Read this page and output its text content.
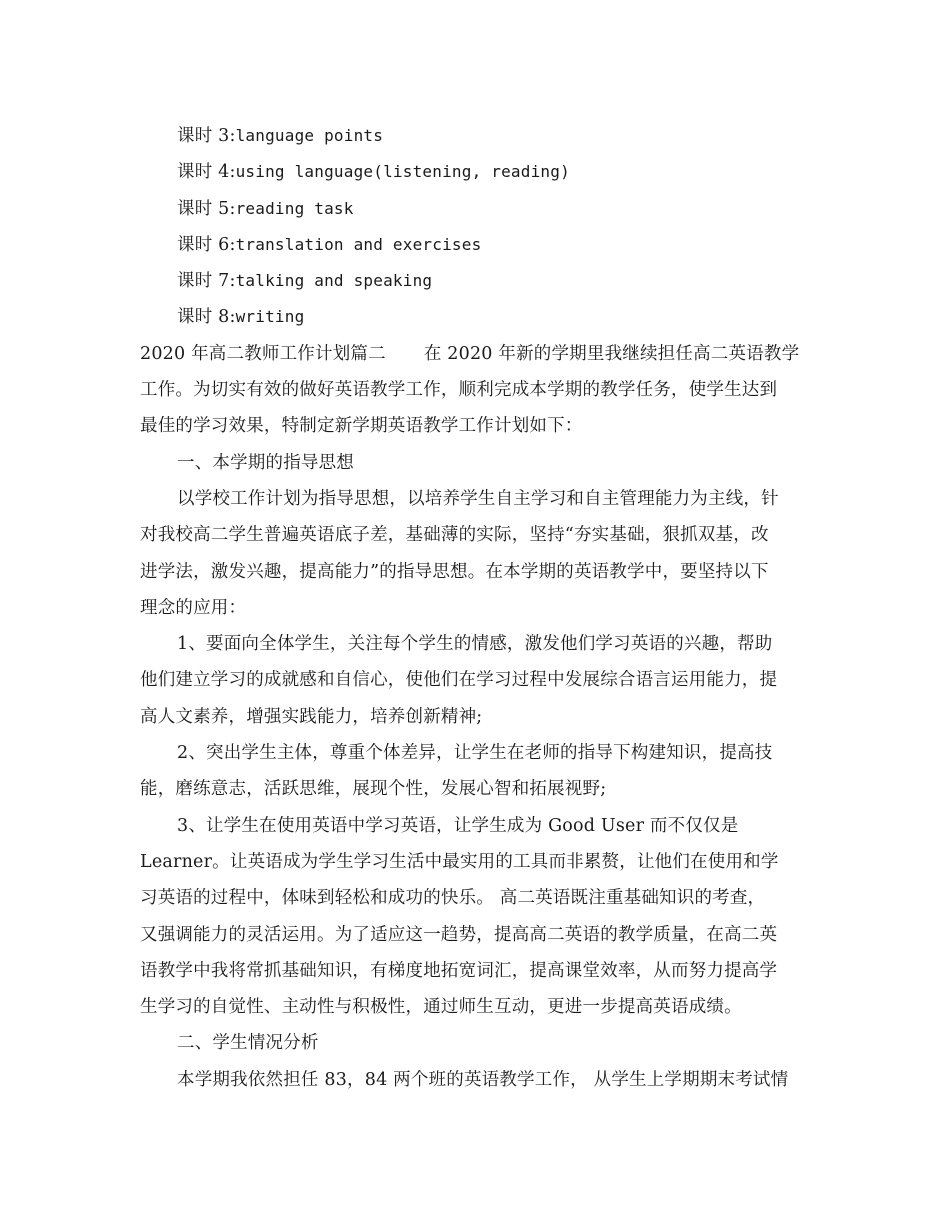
课时 3:language points
课时 4:using language(listening, reading)
课时 5:reading task
课时 6:translation and exercises
课时 7:talking and speaking
课时 8:writing
2020 年高二教师工作计划篇二 在 2020 年新的学期里我继续担任高二英语教学
工作。为切实有效的做好英语教学工作，顺利完成本学期的教学任务，使学生达到
最佳的学习效果，特制定新学期英语教学工作计划如下：
一、本学期的指导思想
以学校工作计划为指导思想，以培养学生自主学习和自主管理能力为主线，针
对我校高二学生普遍英语底子差，基础薄的实际，坚持“夯实基础，狠抓双基，改
进学法，激发兴趣，提高能力”的指导思想。在本学期的英语教学中，要坚持以下
理念的应用：
1、要面向全体学生，关注每个学生的情感，激发他们学习英语的兴趣，帮助
他们建立学习的成就感和自信心，使他们在学习过程中发展综合语言运用能力，提
高人文素养，增强实践能力，培养创新精神;
2、突出学生主体，尊重个体差异，让学生在老师的指导下构建知识，提高技
能，磨练意志，活跃思维，展现个性，发展心智和拓展视野;
3、让学生在使用英语中学习英语，让学生成为 Good User 而不仅仅是
Learner。让英语成为学生学习生活中最实用的工具而非累赘，让他们在使用和学
习英语的过程中，体味到轻松和成功的快乐。 高二英语既注重基础知识的考查，
又强调能力的灵活运用。为了适应这一趋势，提高高二英语的教学质量，在高二英
语教学中我将常抓基础知识，有梯度地拓宽词汇，提高课堂效率，从而努力提高学
生学习的自觉性、主动性与积极性，通过师生互动，更进一步提高英语成绩。
二、学生情况分析
本学期我依然担任 83，84 两个班的英语教学工作， 从学生上学期期末考试情
